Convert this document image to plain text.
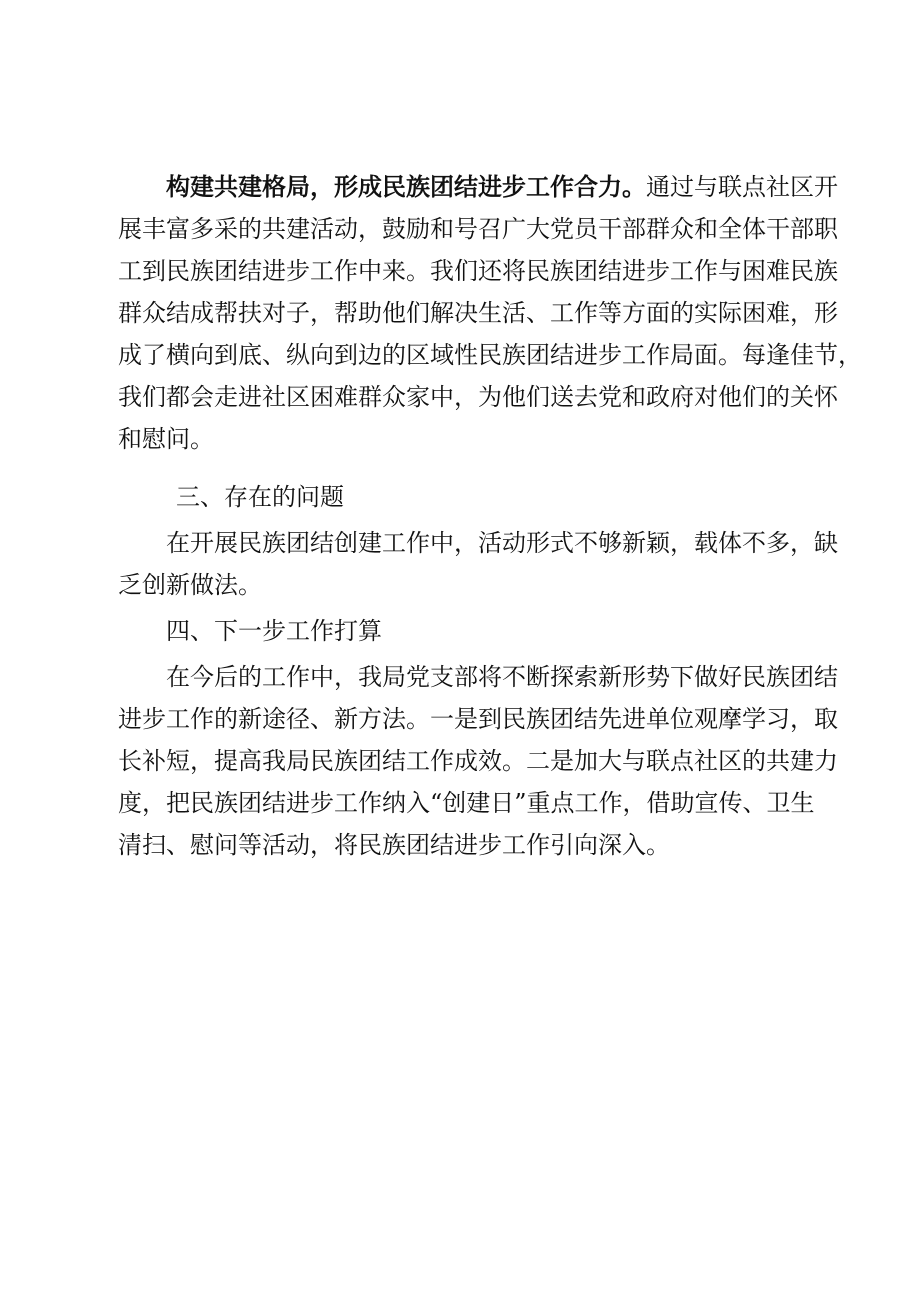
构建共建格局，形成民族团结进步工作合力。通过与联点社区开
展丰富多采的共建活动，鼓励和号召广大党员干部群众和全体干部职
工到民族团结进步工作中来。我们还将民族团结进步工作与困难民族
群众结成帮扶对子，帮助他们解决生活、工作等方面的实际困难，形
成了横向到底、纵向到边的区域性民族团结进步工作局面。每逢佳节，
我们都会走进社区困难群众家中，为他们送去党和政府对他们的关怀
和慰问。
三、存在的问题
在开展民族团结创建工作中，活动形式不够新颖，载体不多，缺
乏创新做法。
四、下一步工作打算
在今后的工作中，我局党支部将不断探索新形势下做好民族团结
进步工作的新途径、新方法。一是到民族团结先进单位观摩学习，取
长补短，提高我局民族团结工作成效。二是加大与联点社区的共建力
度，把民族团结进步工作纳入“创建日”重点工作，借助宣传、卫生
清扫、慰问等活动，将民族团结进步工作引向深入。
